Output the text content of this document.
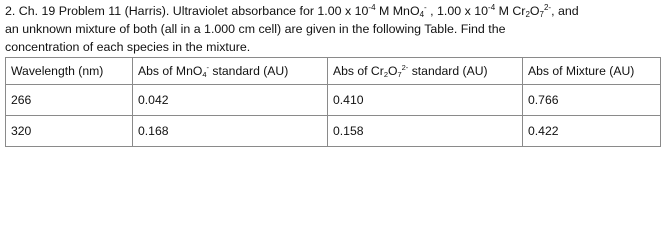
2. Ch. 19 Problem 11 (Harris). Ultraviolet absorbance for 1.00 x $10^{-4}$ M MnO$_4$- , 1.00 x $10^{-4}$ M $Cr_2O_7^{2-}$, and
an unknown mixture of both (all in a 1.000 cm cell) are given in the following Table. Find the
concentration of each species in the mixture.

Wavelength (nm)	Abs of MnO$_4$- standard (AU)	Abs of $Cr_2O_7^{2-}$ standard (AU)	Abs of Mixture (AU)
266	0.042	0.410	0.766
320	0.168	0.158	0.422
